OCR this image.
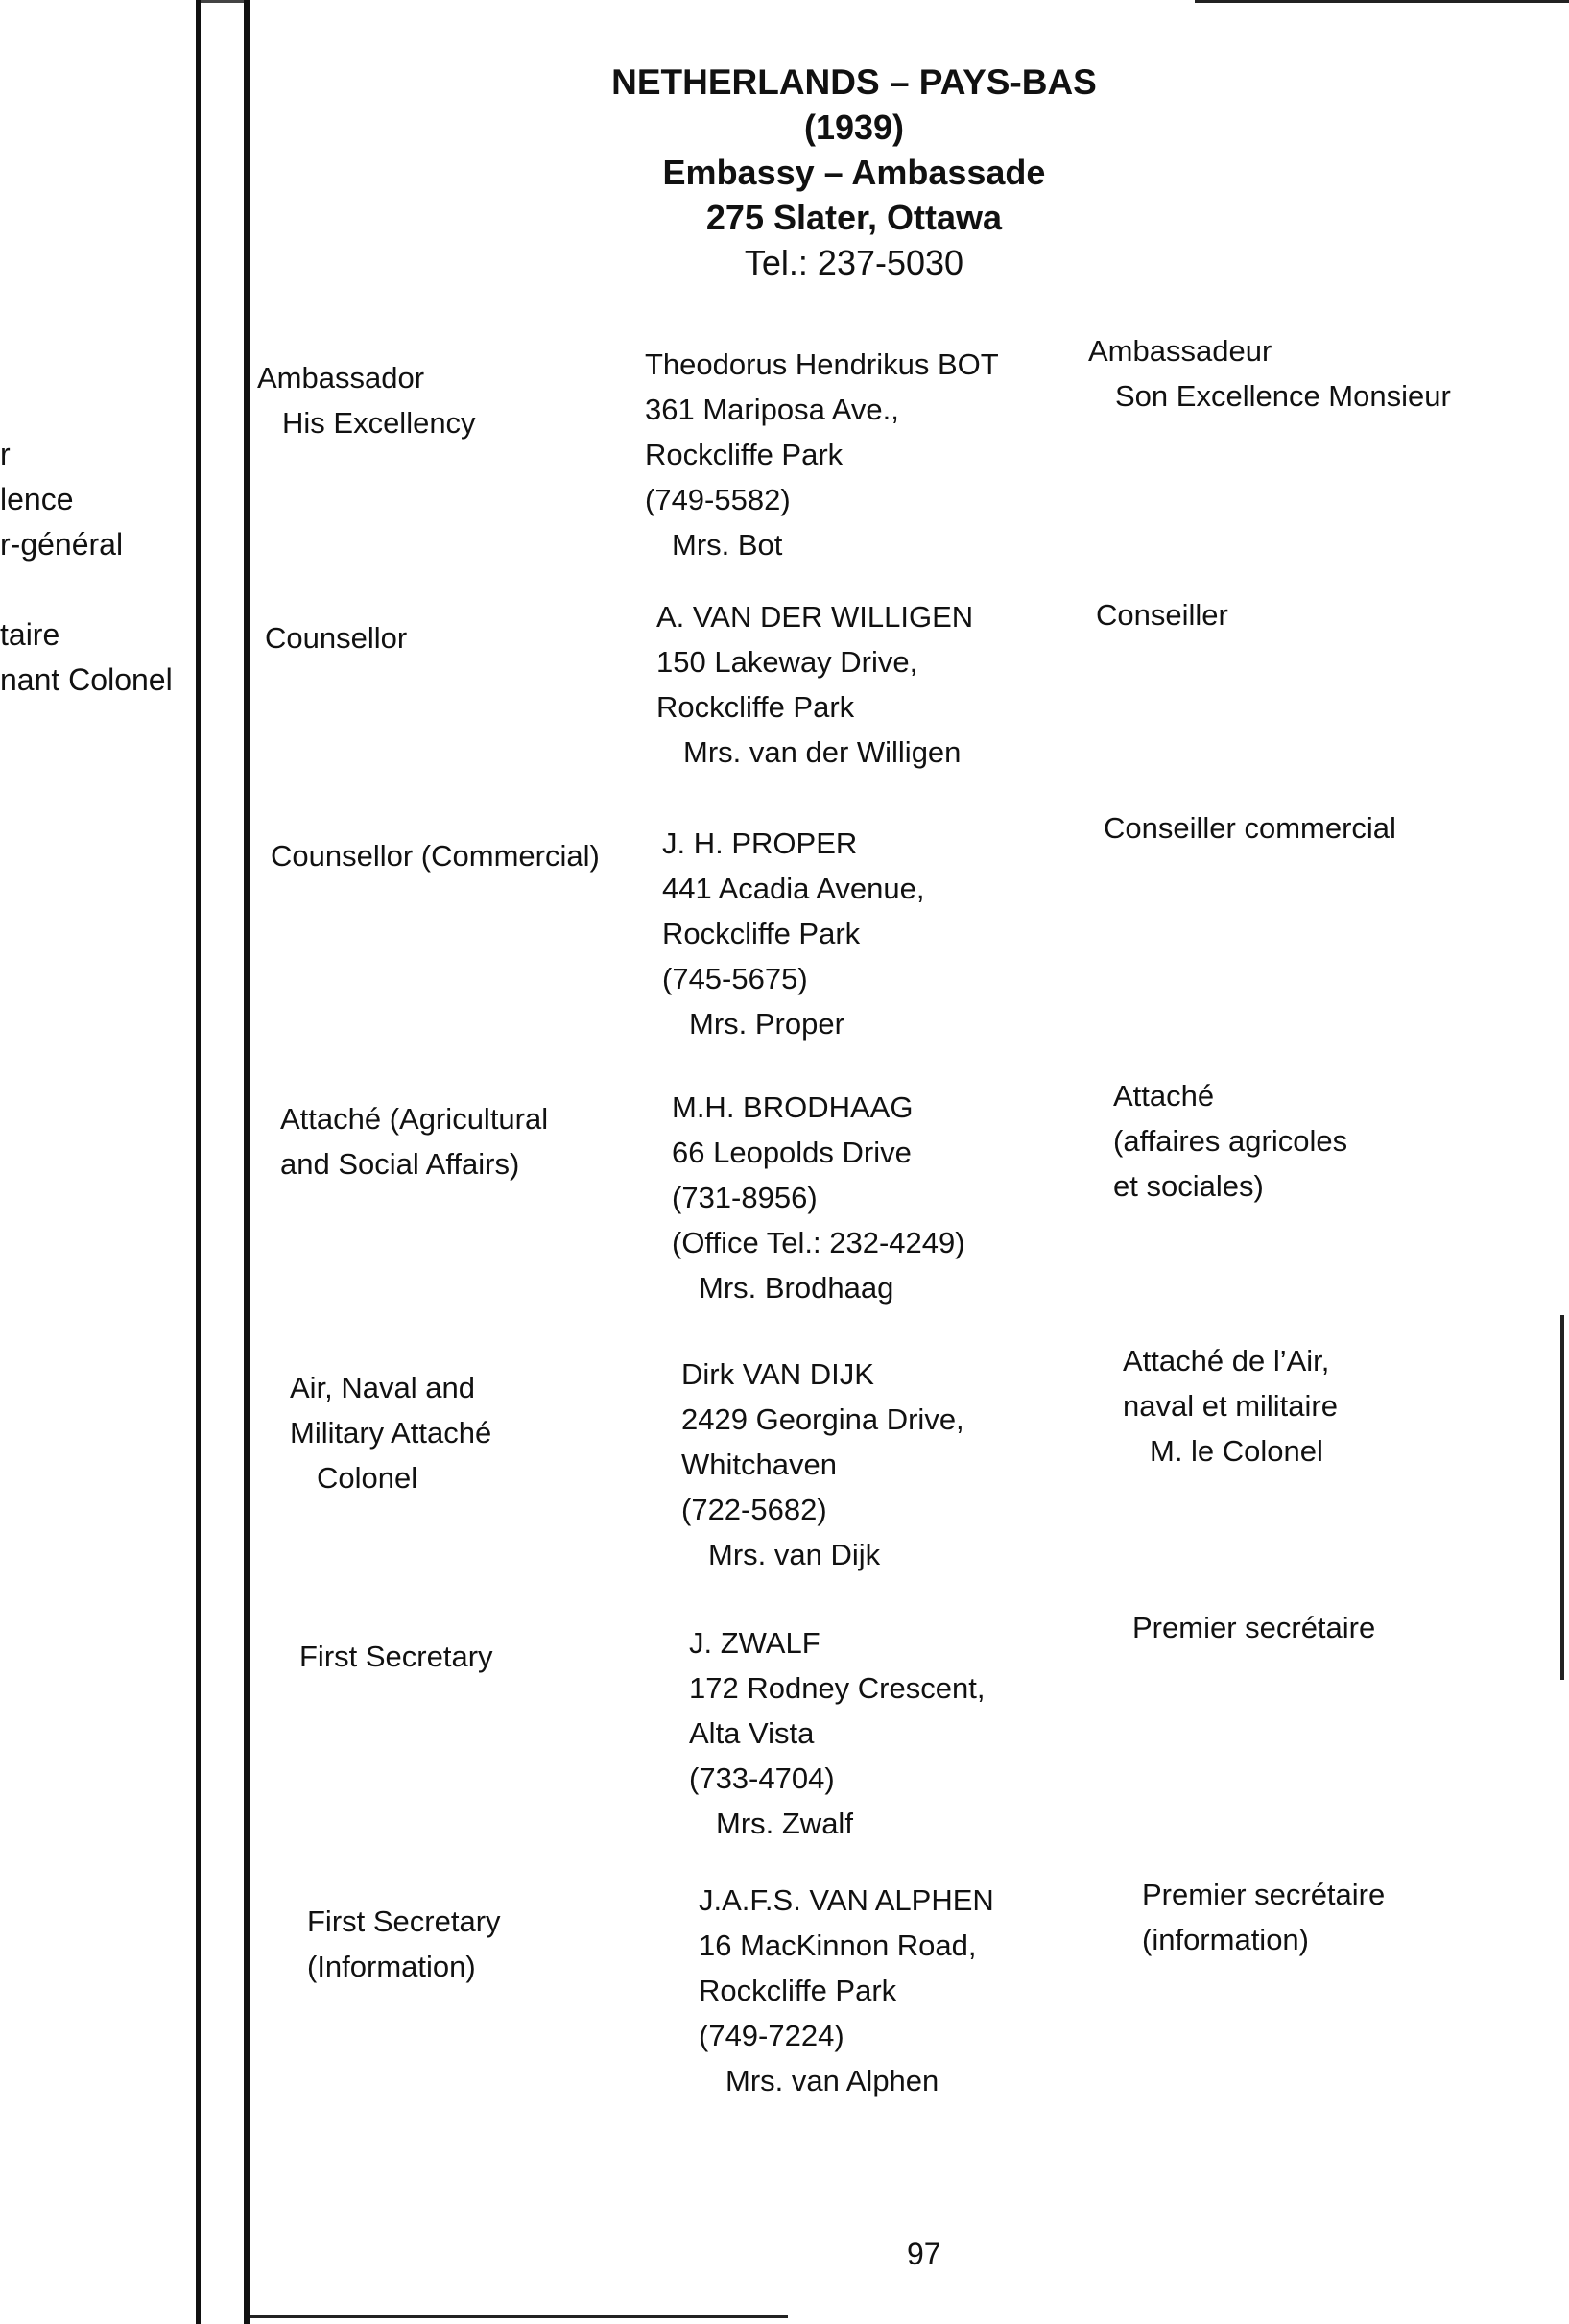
r
lence
r-général
taire
nant Colonel
NETHERLANDS – PAYS-BAS
(1939)
Embassy – Ambassade
275 Slater, Ottawa
Tel.: 237-5030
Ambassador
His Excellency
Theodorus Hendrikus BOT
361 Mariposa Ave.,
Rockcliffe Park
(749-5582)
Mrs. Bot
Ambassadeur
Son Excellence Monsieur
Counsellor
A. VAN DER WILLIGEN
150 Lakeway Drive,
Rockcliffe Park
Mrs. van der Willigen
Conseiller
Counsellor (Commercial) J. H. PROPER
441 Acadia Avenue,
Rockcliffe Park
(745-5675)
Mrs. Proper
Conseiller commercial
Attaché (Agricultural
and Social Affairs)
M.H. BRODHAAG
66 Leopolds Drive
(731-8956)
(Office Tel.: 232-4249)
Mrs. Brodhaag
Attaché
(affaires agricoles
et sociales)
Air, Naval and
Military Attaché
Colonel
Dirk VAN DIJK
2429 Georgina Drive,
Whitchaven
(722-5682)
Mrs. van Dijk
Attaché de l’Air,
naval et militaire
M. le Colonel
First Secretary	J. ZWALF
172 Rodney Crescent,
Alta Vista
(733-4704)
Mrs. Zwalf
Premier secrétaire
First Secretary
(Information)
J.A.F.S. VAN ALPHEN
16 MacKinnon Road,
Rockcliffe Park
(749-7224)
Mrs. van Alphen
Premier secrétaire
(information)
97
